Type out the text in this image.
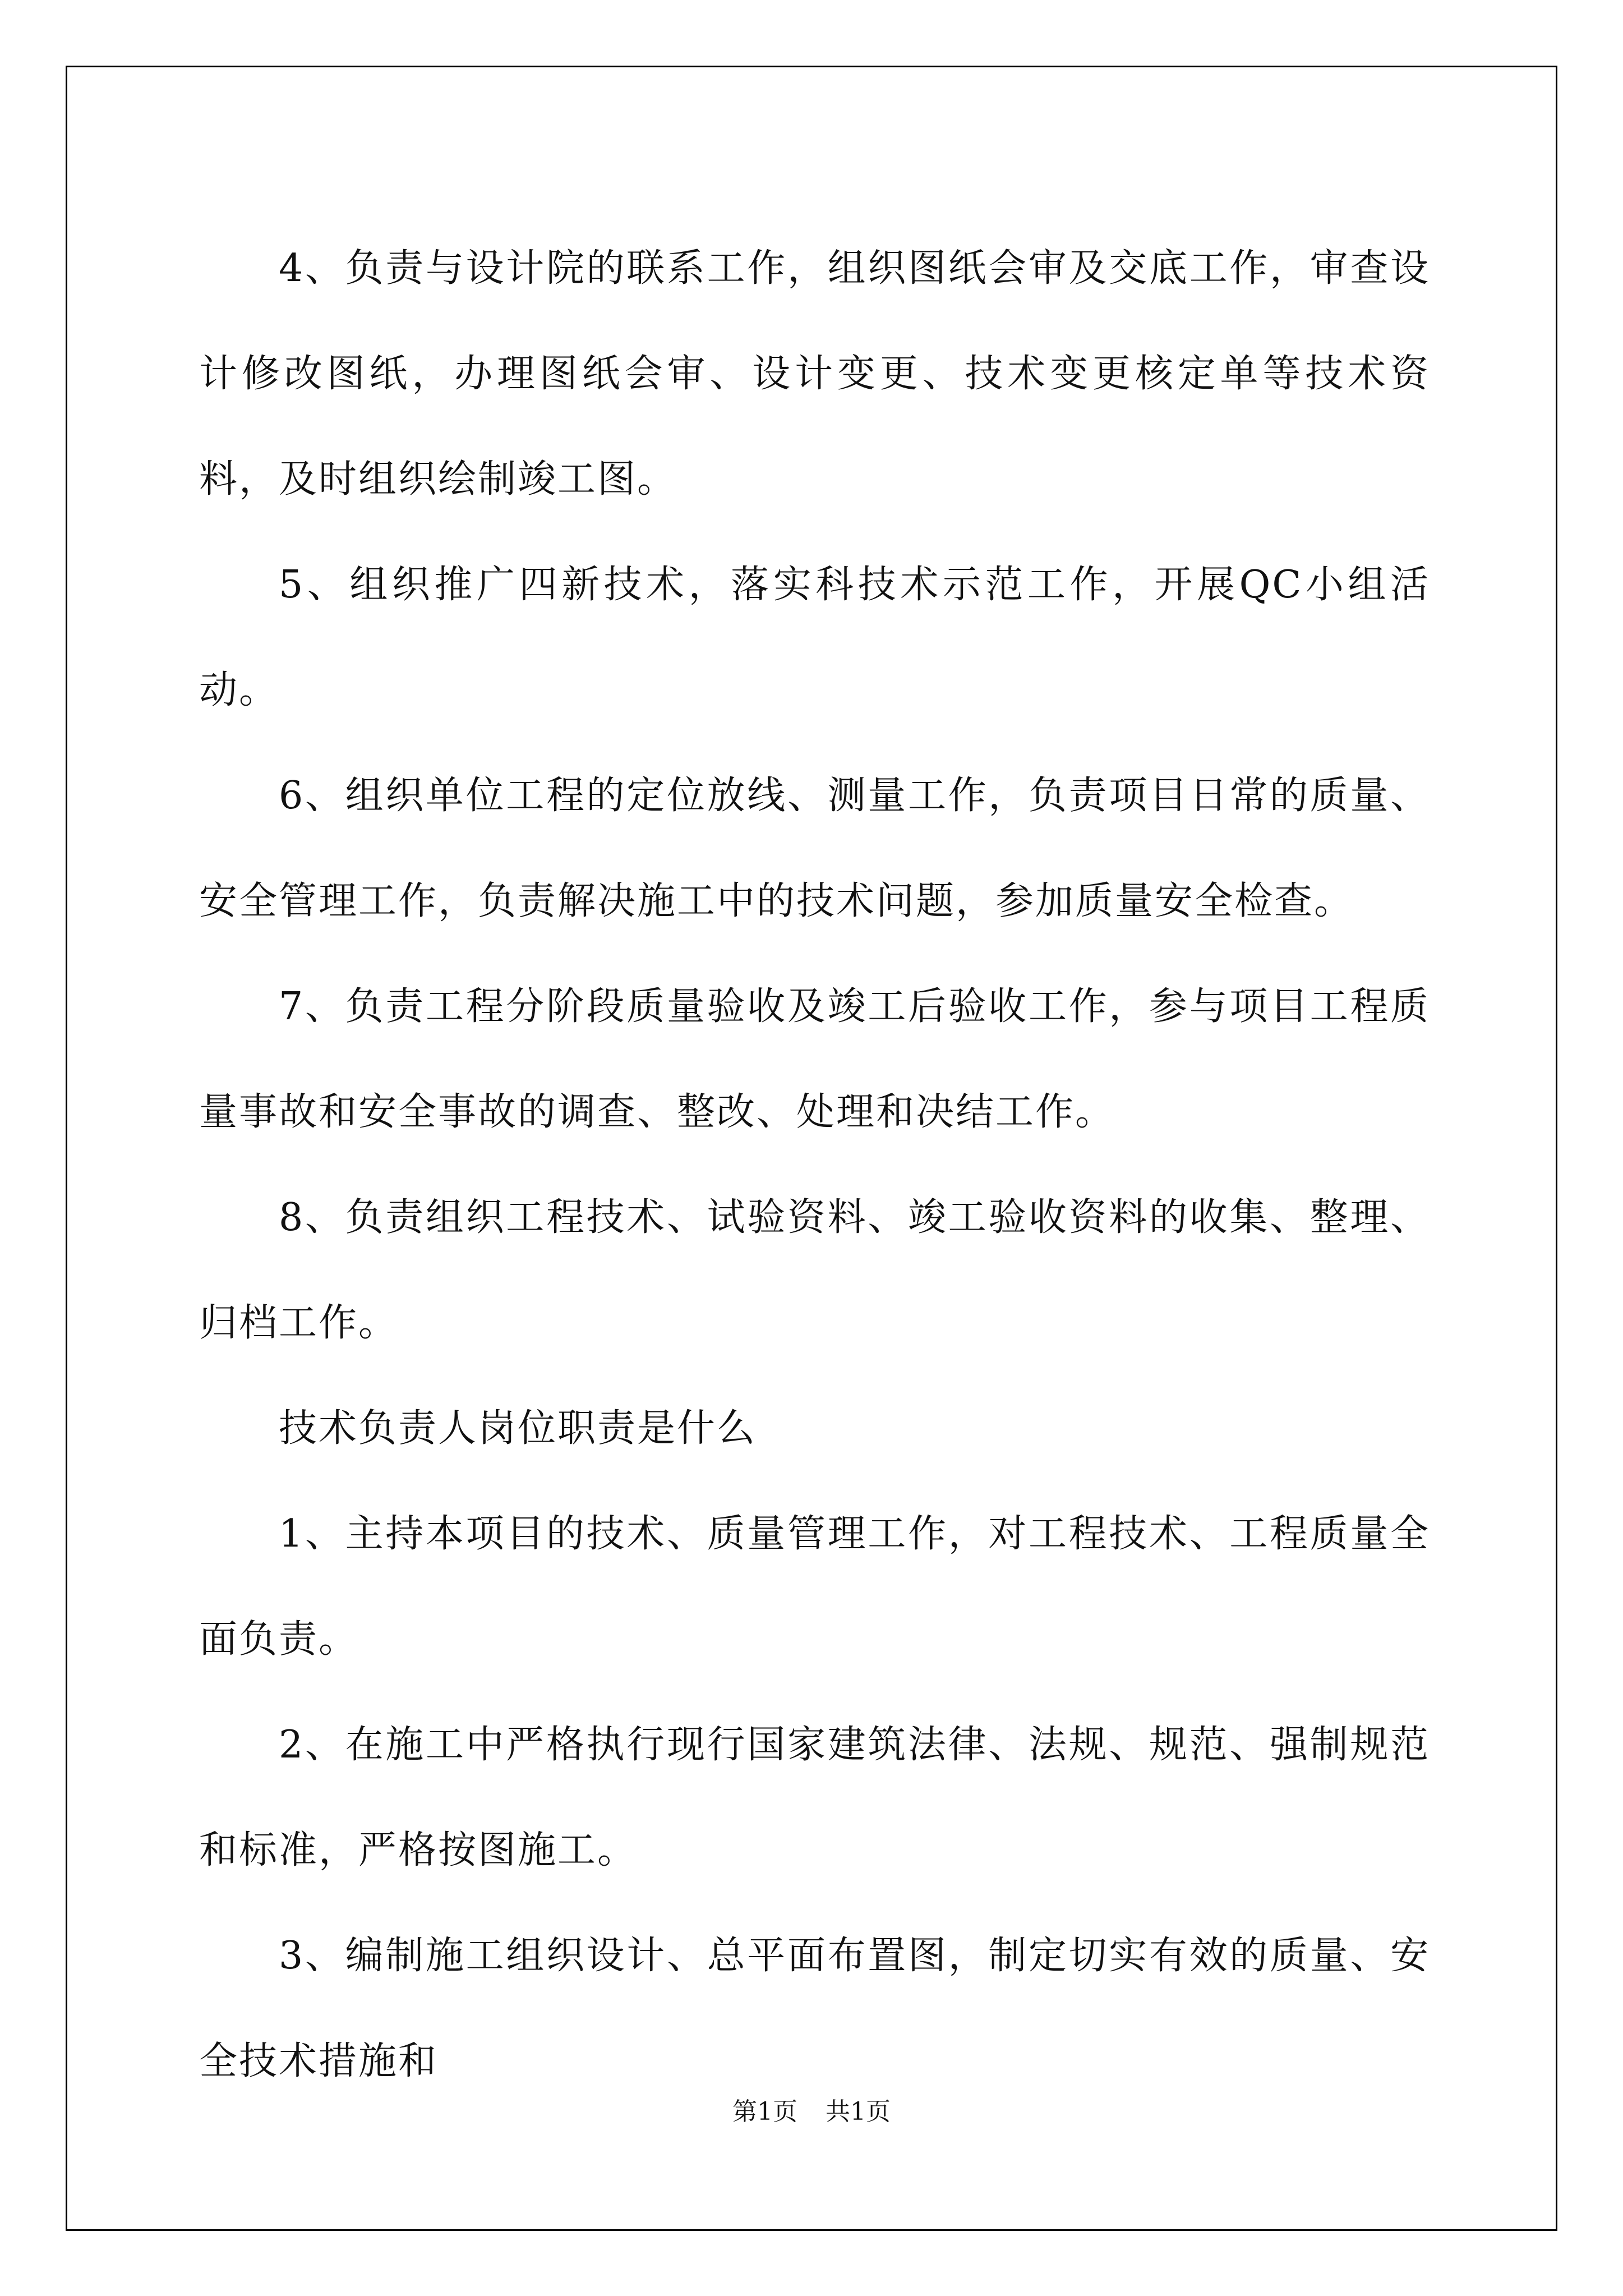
4、负责与设计院的联系工作，组织图纸会审及交底工作，审查设计修改图纸，办理图纸会审、设计变更、技术变更核定单等技术资料，及时组织绘制竣工图。

5、组织推广四新技术，落实科技术示范工作，开展QC小组活动。

6、组织单位工程的定位放线、测量工作，负责项目日常的质量、安全管理工作，负责解决施工中的技术问题，参加质量安全检查。

7、负责工程分阶段质量验收及竣工后验收工作，参与项目工程质量事故和安全事故的调查、整改、处理和决结工作。

8、负责组织工程技术、试验资料、竣工验收资料的收集、整理、归档工作。

技术负责人岗位职责是什么

1、主持本项目的技术、质量管理工作，对工程技术、工程质量全面负责。

2、在施工中严格执行现行国家建筑法律、法规、规范、强制规范和标准，严格按图施工。

3、编制施工组织设计、总平面布置图，制定切实有效的质量、安全技术措施和

第1页 共1页
